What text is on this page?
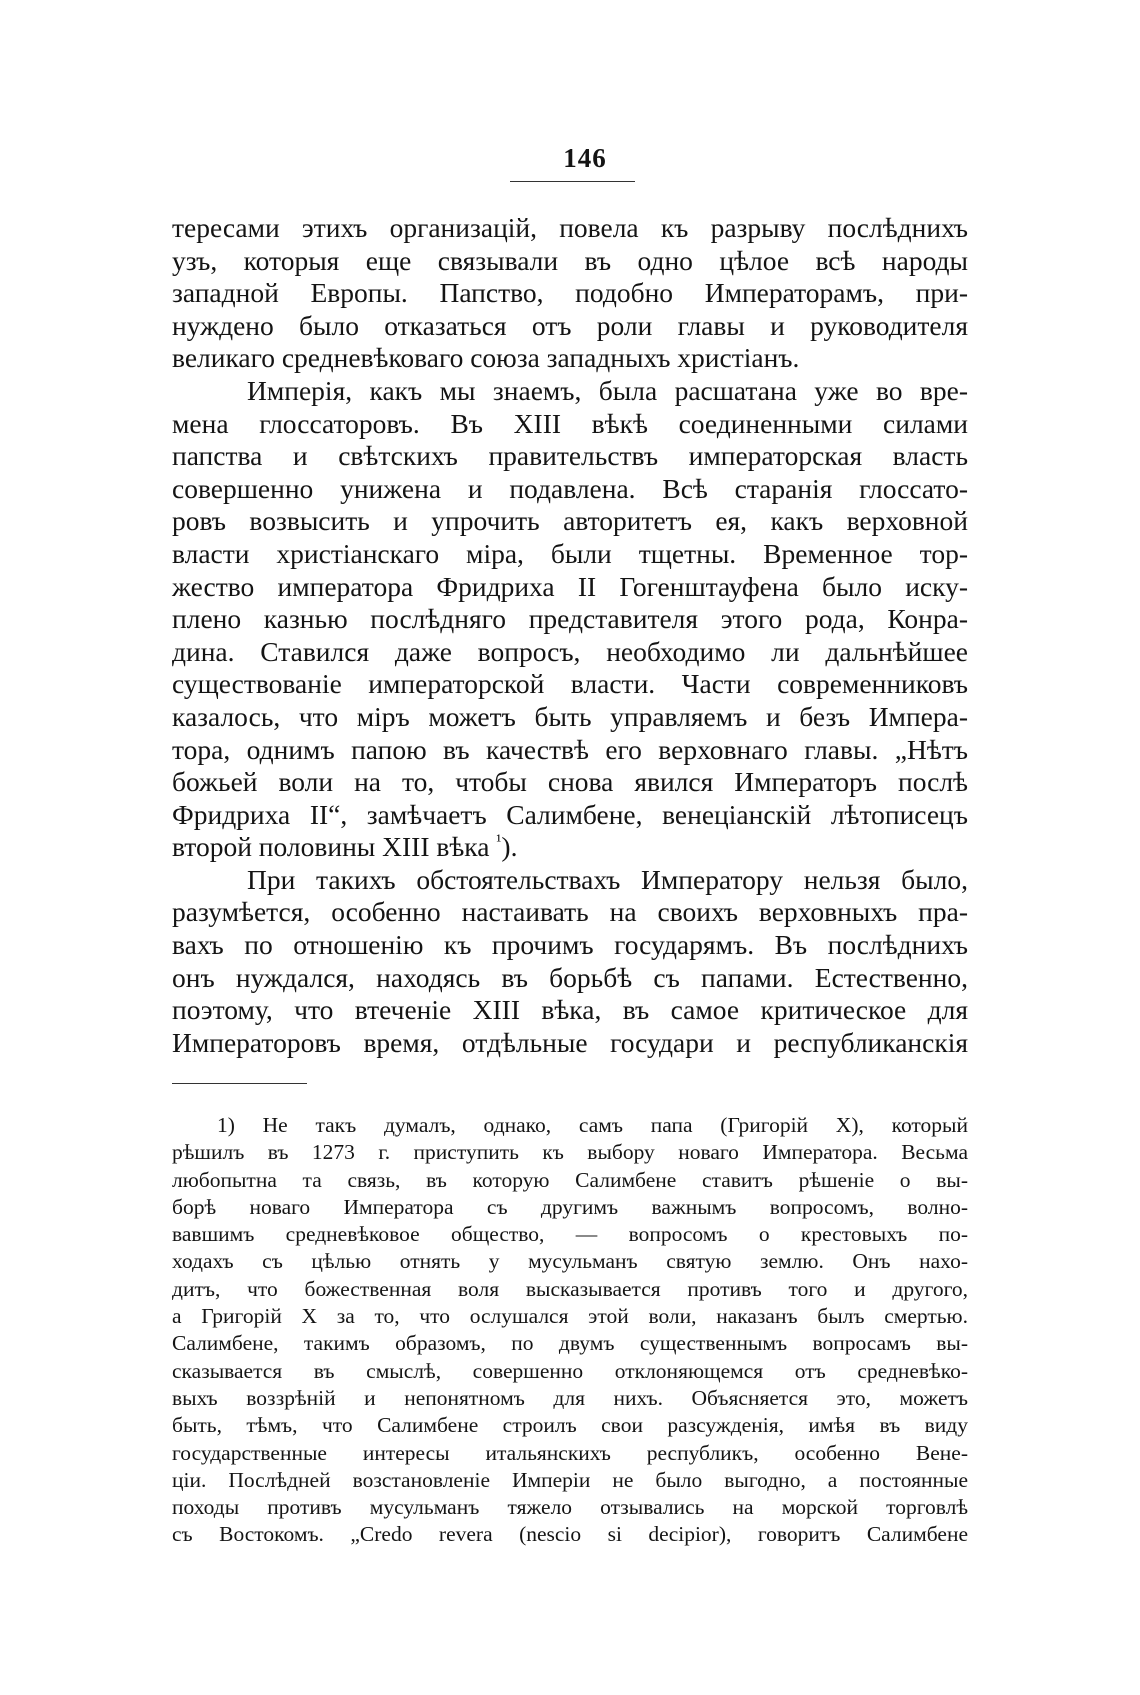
146
тересами этихъ организацій, повела къ разрыву послѣднихъ
узъ, которыя еще связывали въ одно цѣлое всѣ народы
западной Европы. Папство, подобно Императорамъ, при-
нуждено было отказаться отъ роли главы и руководителя
великаго средневѣковаго союза западныхъ христіанъ.
Имперія, какъ мы знаемъ, была расшатана уже во вре-
мена глоссаторовъ. Въ XIII вѣкѣ соединенными силами
папства и свѣтскихъ правительствъ императорская власть
совершенно унижена и подавлена. Всѣ старанія глоссато-
ровъ возвысить и упрочить авторитетъ ея, какъ верховной
власти христіанскаго міра, были тщетны. Временное тор-
жество императора Фридриха II Гогенштауфена было иску-
плено казнью послѣдняго представителя этого рода, Конра-
дина. Ставился даже вопросъ, необходимо ли дальнѣйшее
существованіе императорской власти. Части современниковъ
казалось, что міръ можетъ быть управляемъ и безъ Импера-
тора, однимъ папою въ качествѣ его верховнаго главы. „Нѣтъ
божьей воли на то, чтобы снова явился Императоръ послѣ
Фридриха II“, замѣчаетъ Салимбене, венеціанскій лѣтописецъ
второй половины XIII вѣка $^{^1}$).
При такихъ обстоятельствахъ Императору нельзя было,
разумѣется, особенно настаивать на своихъ верховныхъ пра-
вахъ по отношенію къ прочимъ государямъ. Въ послѣднихъ
онъ нуждался, находясь въ борьбѣ съ папами. Естественно,
поэтому, что втеченіе XIII вѣка, въ самое критическое для
Императоровъ время, отдѣльные государи и республиканскія
1) Не такъ думалъ, однако, самъ папа (Григорій X), который
рѣшилъ въ 1273 г. приступить къ выбору новаго Императора. Весьма
любопытна та связь, въ которую Салимбене ставитъ рѣшеніе о вы-
борѣ новаго Императора съ другимъ важнымъ вопросомъ, волно-
вавшимъ средневѣковое общество, — вопросомъ о крестовыхъ по-
ходахъ съ цѣлью отнять у мусульманъ святую землю. Онъ нахо-
дитъ, что божественная воля высказывается противъ того и другого,
а Григорій X за то, что ослушался этой воли, наказанъ былъ смертью.
Салимбене, такимъ образомъ, по двумъ существеннымъ вопросамъ вы-
сказывается въ смыслѣ, совершенно отклоняющемся отъ средневѣко-
выхъ воззрѣній и непонятномъ для нихъ. Объясняется это, можетъ
быть, тѣмъ, что Салимбене строилъ свои разсужденія, имѣя въ виду
государственные интересы итальянскихъ республикъ, особенно Вене-
ціи. Послѣдней возстановленіе Имперіи не было выгодно, а постоянные
походы противъ мусульманъ тяжело отзывались на морской торговлѣ
съ Востокомъ. „Credo revera (nescio si decipior), говоритъ Салимбене
